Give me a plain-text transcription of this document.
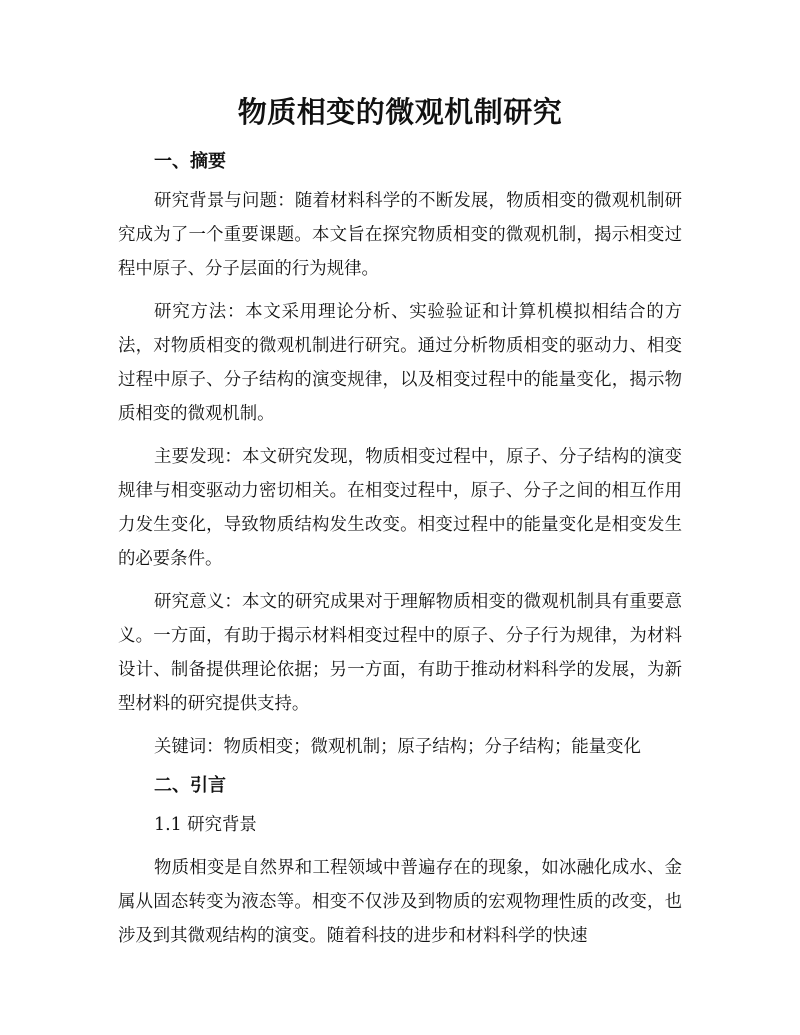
物质相变的微观机制研究
一、摘要

研究背景与问题：随着材料科学的不断发展，物质相变的微观机制研究成为了一个重要课题。本文旨在探究物质相变的微观机制，揭示相变过程中原子、分子层面的行为规律。

研究方法：本文采用理论分析、实验验证和计算机模拟相结合的方法，对物质相变的微观机制进行研究。通过分析物质相变的驱动力、相变过程中原子、分子结构的演变规律，以及相变过程中的能量变化，揭示物质相变的微观机制。

主要发现：本文研究发现，物质相变过程中，原子、分子结构的演变规律与相变驱动力密切相关。在相变过程中，原子、分子之间的相互作用力发生变化，导致物质结构发生改变。相变过程中的能量变化是相变发生的必要条件。

研究意义：本文的研究成果对于理解物质相变的微观机制具有重要意义。一方面，有助于揭示材料相变过程中的原子、分子行为规律，为材料设计、制备提供理论依据；另一方面，有助于推动材料科学的发展，为新型材料的研究提供支持。

关键词：物质相变；微观机制；原子结构；分子结构；能量变化

二、引言
1.1 研究背景

物质相变是自然界和工程领域中普遍存在的现象，如冰融化成水、金属从固态转变为液态等。相变不仅涉及到物质的宏观物理性质的改变，也涉及到其微观结构的演变。随着科技的进步和材料科学的快速
